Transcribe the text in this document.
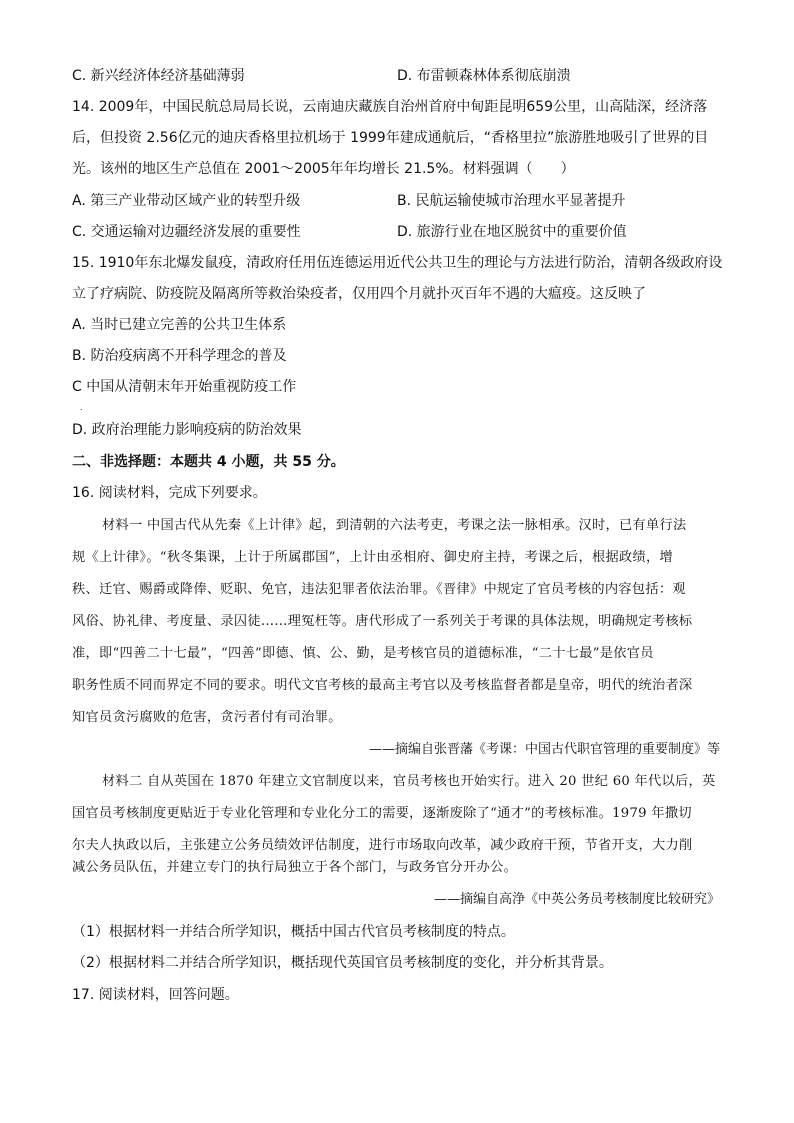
C. 新兴经济体经济基础薄弱	D. 布雷顿森林体系彻底崩溃
14. 2009年，中国民航总局局长说，云南迪庆藏族自治州首府中甸距昆明659公里，山高陆深，经济落
后，但投资 2.56亿元的迪庆香格里拉机场于 1999年建成通航后，“香格里拉”旅游胜地吸引了世界的目
光。该州的地区生产总值在 2001～2005年年均增长 21.5%。材料强调（　　）
A. 第三产业带动区域产业的转型升级	B. 民航运输使城市治理水平显著提升
C. 交通运输对边疆经济发展的重要性	D. 旅游行业在地区脱贫中的重要价值
15. 1910年东北爆发鼠疫，清政府任用伍连德运用近代公共卫生的理论与方法进行防治，清朝各级政府设
立了疗病院、防疫院及隔离所等救治染疫者，仅用四个月就扑灭百年不遇的大瘟疫。这反映了
A. 当时已建立完善的公共卫生体系
B. 防治疫病离不开科学理念的普及
C 中国从清朝末年开始重视防疫工作
.
D. 政府治理能力影响疫病的防治效果
二、非选择题：本题共 4 小题，共 55 分。
16. 阅读材料，完成下列要求。
材料一 中国古代从先秦《上计律》起，到清朝的六法考吏，考课之法一脉相承。汉时，已有单行法
规《上计律》。“秋冬集课，上计于所属郡国”，上计由丞相府、御史府主持，考课之后，根据政绩，增
秩、迁官、赐爵或降俸、贬职、免官，违法犯罪者依法治罪。《晋律》中规定了官员考核的内容包括：观
风俗、协礼律、考度量、录囚徒……理冤枉等。唐代形成了一系列关于考课的具体法规，明确规定考核标
准，即“四善二十七最”，“四善”即德、慎、公、勤，是考核官员的道德标准，“二十七最”是依官员
职务性质不同而界定不同的要求。明代文官考核的最高主考官以及考核监督者都是皇帝，明代的统治者深
知官员贪污腐败的危害，贪污者付有司治罪。
——摘编自张晋藩《考课：中国古代职官管理的重要制度》等
材料二 自从英国在 1870 年建立文官制度以来，官员考核也开始实行。进入 20 世纪 60 年代以后，英
国官员考核制度更贴近于专业化管理和专业化分工的需要，逐渐废除了“通才”的考核标准。1979 年撒切
尔夫人执政以后，主张建立公务员绩效评估制度，进行市场取向改革，减少政府干预，节省开支，大力削
减公务员队伍，并建立专门的执行局独立于各个部门，与政务官分开办公。
——摘编自高浄《中英公务员考核制度比较研究》
（1）根据材料一并结合所学知识，概括中国古代官员考核制度的特点。
（2）根据材料二并结合所学知识，概括现代英国官员考核制度的变化，并分析其背景。
17. 阅读材料，回答问题。
